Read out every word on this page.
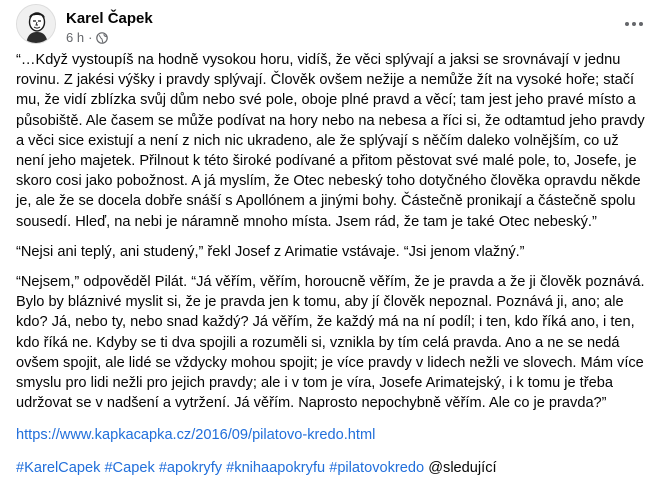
Karel Čapek
6 h ·

“…Když vystoupíš na hodně vysokou horu, vidíš, že věci splývají a jaksi se srovnávají v jednu rovinu. Z jakési výšky i pravdy splývají. Člověk ovšem nežije a nemůže žít na vysoké hoře; stačí mu, že vidí zblízka svůj dům nebo své pole, oboje plné pravd a věcí; tam jest jeho pravé místo a působiště. Ale časem se může podívat na hory nebo na nebesa a říci si, že odtamtud jeho pravdy a věci sice existují a není z nich nic ukradeno, ale že splývají s něčím daleko volnějším, co už není jeho majetek. Přilnout k této široké podívané a přitom pěstovat své malé pole, to, Josefe, je skoro cosi jako pobožnost. A já myslím, že Otec nebeský toho dotyčného člověka opravdu někde je, ale že se docela dobře snáší s Apollónem a jinými bohy. Částečně pronikají a částečně spolu sousedí. Hleď, na nebi je náramně mnoho místa. Jsem rád, že tam je také Otec nebeský.”

“Nejsi ani teplý, ani studený,” řekl Josef z Arimatie vstávaje. “Jsi jenom vlažný.”

“Nejsem,” odpověděl Pilát. “Já věřím, věřím, horoucně věřím, že je pravda a že ji člověk poznává. Bylo by bláznivé myslit si, že je pravda jen k tomu, aby jí člověk nepoznal. Poznává ji, ano; ale kdo? Já, nebo ty, nebo snad každý? Já věřím, že každý má na ní podíl; i ten, kdo říká ano, i ten, kdo říká ne. Kdyby se ti dva spojili a rozuměli si, vznikla by tím celá pravda. Ano a ne se nedá ovšem spojit, ale lidé se vždycky mohou spojit; je více pravdy v lidech nežli ve slovech. Mám více smyslu pro lidi nežli pro jejich pravdy; ale i v tom je víra, Josefe Arimatejský, i k tomu je třeba udržovat se v nadšení a vytržení. Já věřím. Naprosto nepochybně věřím. Ale co je pravda?”

https://www.kapkacapka.cz/2016/09/pilatovo-kredo.html
#KarelCapek #Capek #apokryfy #knihaapokryfu #pilatovokredo @sledující
